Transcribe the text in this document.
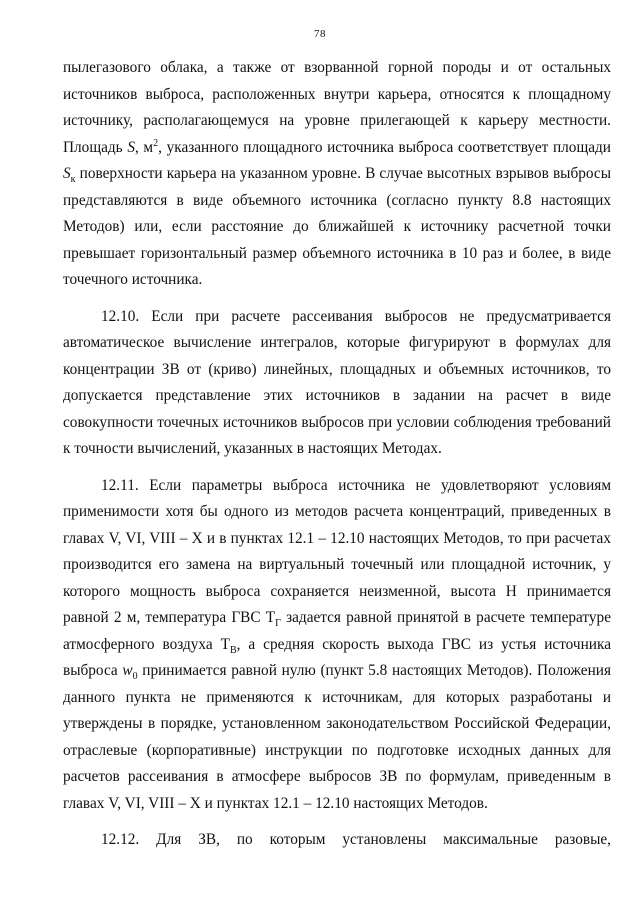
78

пылегазового облака, а также от взорванной горной породы и от остальных источников выброса, расположенных внутри карьера, относятся к площадному источнику, располагающемуся на уровне прилегающей к карьеру местности. Площадь S, $м^2$, указанного площадного источника выброса соответствует площади $S_к$ поверхности карьера на указанном уровне. В случае высотных взрывов выбросы представляются в виде объемного источника (согласно пункту 8.8 настоящих Методов) или, если расстояние до ближайшей к источнику расчетной точки превышает горизонтальный размер объемного источника в 10 раз и более, в виде точечного источника.

12.10. Если при расчете рассеивания выбросов не предусматривается автоматическое вычисление интегралов, которые фигурируют в формулах для концентрации ЗВ от (криво) линейных, площадных и объемных источников, то допускается представление этих источников в задании на расчет в виде совокупности точечных источников выбросов при условии соблюдения требований к точности вычислений, указанных в настоящих Методах.

12.11. Если параметры выброса источника не удовлетворяют условиям применимости хотя бы одного из методов расчета концентраций, приведенных в главах V, VI, VIII – X и в пунктах 12.1 – 12.10 настоящих Методов, то при расчетах производится его замена на виртуальный точечный или площадной источник, у которого мощность выброса сохраняется неизменной, высота Н принимается равной 2 м, температура ГВС $Т_Г$ задается равной принятой в расчете температуре атмосферного воздуха $Т_В$, а средняя скорость выхода ГВС из устья источника выброса $w_0$ принимается равной нулю (пункт 5.8 настоящих Методов). Положения данного пункта не применяются к источникам, для которых разработаны и утверждены в порядке, установленном законодательством Российской Федерации, отраслевые (корпоративные) инструкции по подготовке исходных данных для расчетов рассеивания в атмосфере выбросов ЗВ по формулам, приведенным в главах V, VI, VIII – X и пунктах 12.1 – 12.10 настоящих Методов.

12.12. Для ЗВ, по которым установлены максимальные разовые,
